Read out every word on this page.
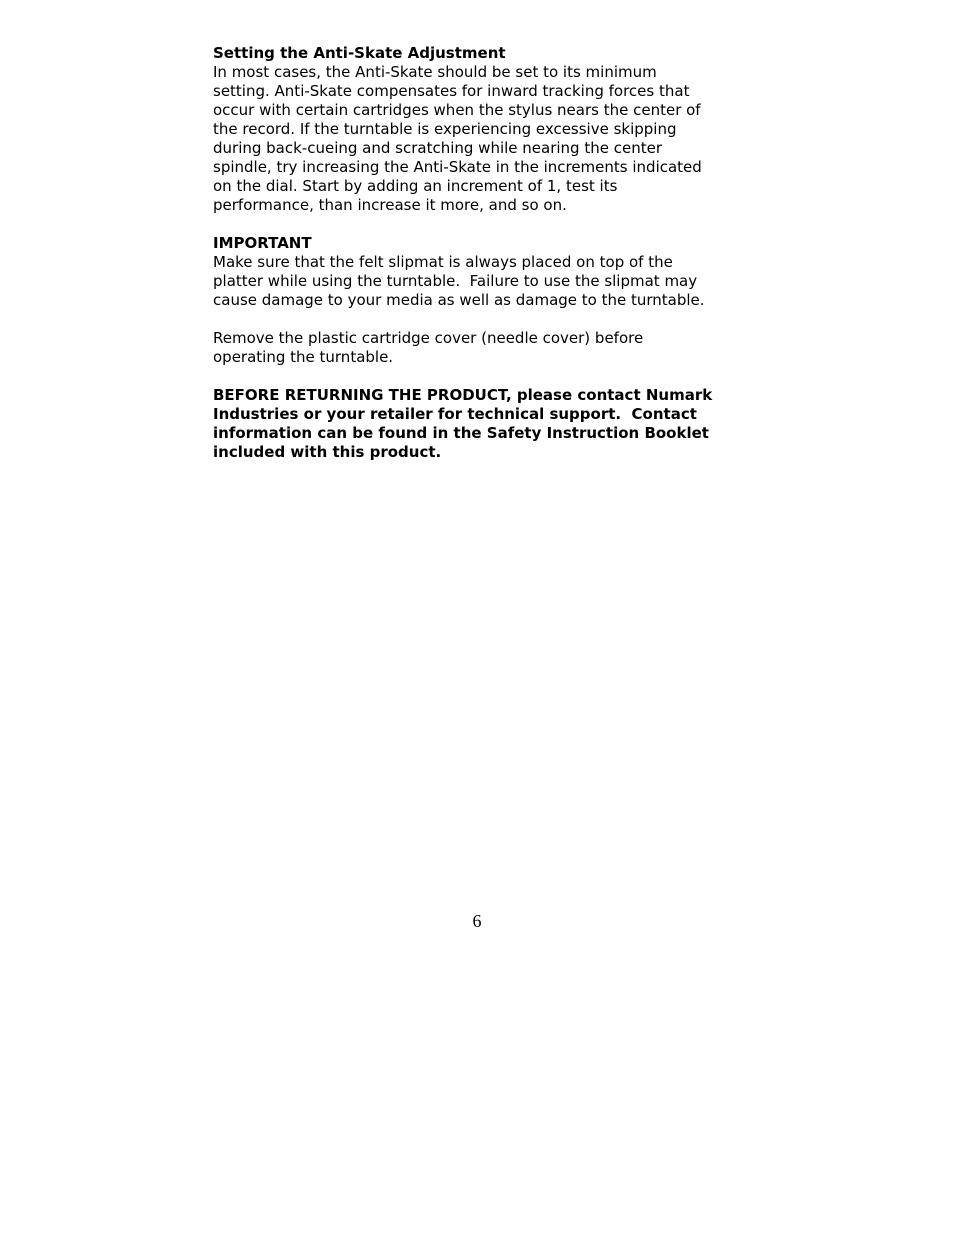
Setting the Anti-Skate Adjustment
In most cases, the Anti-Skate should be set to its minimum
setting. Anti-Skate compensates for inward tracking forces that
occur with certain cartridges when the stylus nears the center of
the record. If the turntable is experiencing excessive skipping
during back-cueing and scratching while nearing the center
spindle, try increasing the Anti-Skate in the increments indicated
on the dial. Start by adding an increment of 1, test its
performance, than increase it more, and so on.
IMPORTANT
Make sure that the felt slipmat is always placed on top of the
platter while using the turntable.  Failure to use the slipmat may
cause damage to your media as well as damage to the turntable.
Remove the plastic cartridge cover (needle cover) before
operating the turntable.
BEFORE RETURNING THE PRODUCT, please contact Numark
Industries or your retailer for technical support.  Contact
information can be found in the Safety Instruction Booklet
included with this product.
6
